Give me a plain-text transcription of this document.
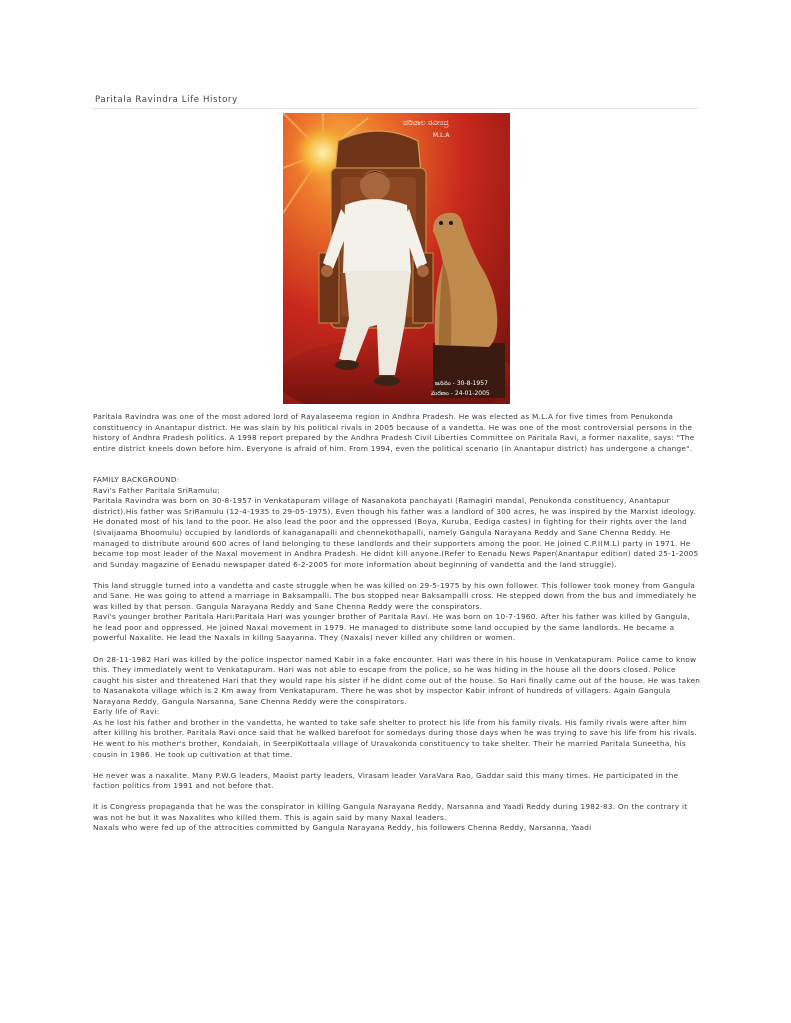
Paritala Ravindra Life History
ಪರಿಟಾಲ ರವೀಂದ್ರ
M.L.A
జననం - 30-8-1957
మరణం - 24-01-2005

Paritala Ravindra was one of the most adored lord of Rayalaseema region in Andhra Pradesh. He was elected as M.L.A for five times from Penukonda constituency in Anantapur district. He was slain by his political rivals in 2005 because of a vandetta. He was one of the most controversial persons in the history of Andhra Pradesh politics. A 1998 report prepared by the Andhra Pradesh Civil Liberties Committee on Paritala Ravi, a former naxalite, says: "The entire district kneels down before him. Everyone is afraid of him. From 1994, even the political scenario (in Anantapur district) has undergone a change".

FAMILY BACKGROUND:

Ravi's Father Paritala SriRamulu:

Paritala Ravindra was born on 30-8-1957 in Venkatapuram village of Nasanakota panchayati (Ramagiri mandal, Penukonda constituency, Anantapur district).His father was SriRamulu (12-4-1935 to 29-05-1975). Even though his father was a landlord of 300 acres, he was inspired by the Marxist ideology. He donated most of his land to the poor. He also lead the poor and the oppressed (Boya, Kuruba, Eediga castes) in fighting for their rights over the land (sivaijaama Bhoomulu) occupied by landlords of kanaganapalli and chennekothapalli, namely Gangula Narayana Reddy and Sane Chenna Reddy. He managed to distribute around 600 acres of land belonging to these landlords and their supporters among the poor. He joined C.P.I(M.L) party in 1971. He became top most leader of the Naxal movement in Andhra Pradesh. He didnt kill anyone.(Refer to Eenadu News Paper(Anantapur edition) dated 25-1-2005 and Sunday magazine of Eenadu newspaper dated 6-2-2005 for more information about beginning of vandetta and the land struggle).

This land struggle turned into a vandetta and caste struggle when he was killed on 29-5-1975 by his own follower. This follower took money from Gangula and Sane. He was going to attend a marriage in Baksampalli. The bus stopped near Baksampalli cross. He stepped down from the bus and immediately he was killed by that person. Gangula Narayana Reddy and Sane Chenna Reddy were the conspirators.

Ravi's younger brother Paritala Hari:Paritala Hari was younger brother of Paritala Ravi. He was born on 10-7-1960. After his father was killed by Gangula, he lead poor and oppressed. He joined Naxal movement in 1979. He managed to distribute some land occupied by the same landlords. He became a powerful Naxalite. He lead the Naxals in killng Saayanna. They (Naxals) never killed any children or women.

On 28-11-1982 Hari was killed by the police inspector named Kabir in a fake encounter. Hari was there in his house in Venkatapuram. Police came to know this. They immediately went to Venkatapuram. Hari was not able to escape from the police, so he was hiding in the house all the doors closed. Police caught his sister and threatened Hari that they would rape his sister if he didnt come out of the house. So Hari finally came out of the house. He was taken to Nasanakota village which is 2 Km away from Venkatapuram. There he was shot by inspector Kabir infront of hundreds of villagers. Again Gangula Narayana Reddy, Gangula Narsanna, Sane Chenna Reddy were the conspirators.

Early life of Ravi:

As he lost his father and brother in the vandetta, he wanted to take safe shelter to protect his life from his family rivals. His family rivals were after him after killing his brother. Paritala Ravi once said that he walked barefoot for somedays during those days when he was trying to save his life from his rivals. He went to his mother's brother, Kondaiah, in SeerpiKottaala village of Uravakonda constituency to take shelter. Their he married Paritala Suneetha, his cousin in 1986. He took up cultivation at that time.

He never was a naxalite. Many P.W.G leaders, Maoist party leaders, Virasam leader VaraVara Rao, Gaddar said this many times. He participated in the faction politics from 1991 and not before that.

It is Congress propaganda that he was the conspirator in killing Gangula Narayana Reddy, Narsanna and Yaadi Reddy during 1982-83. On the contrary it was not he but it was Naxalites who killed them. This is again said by many Naxal leaders.

Naxals who were fed up of the attrocities committed by Gangula Narayana Reddy, his followers Chenna Reddy, Narsanna, Yaadi
